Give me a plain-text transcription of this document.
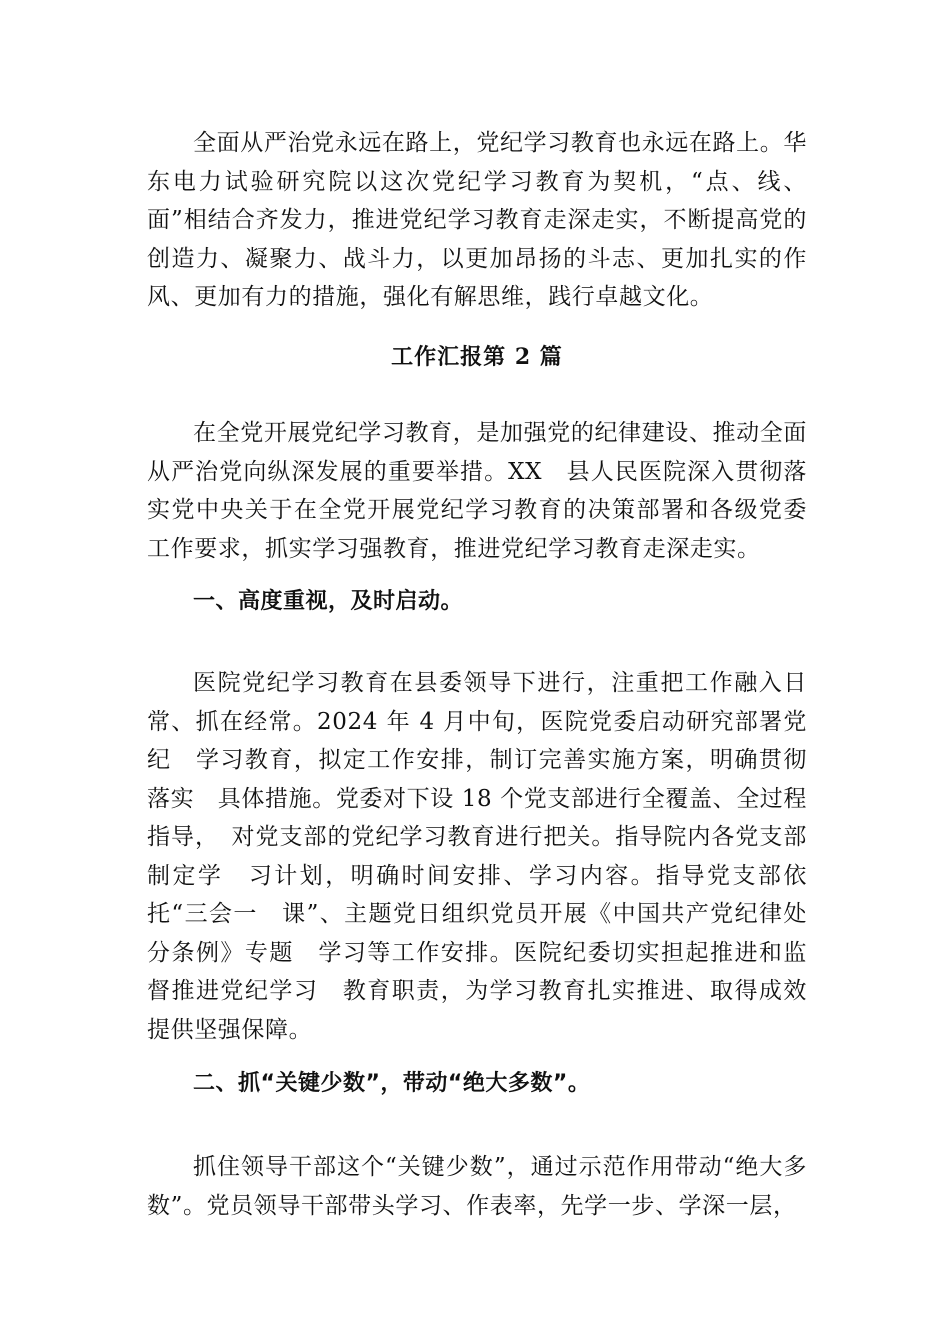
全面从严治党永远在路上，党纪学习教育也永远在路上。华东电力试验研究院以这次党纪学习教育为契机，“点、线、面”相结合齐发力，推进党纪学习教育走深走实，不断提高党的创造力、凝聚力、战斗力，以更加昂扬的斗志、更加扎实的作风、更加有力的措施，强化有解思维，践行卓越文化。

工作汇报第 2 篇

在全党开展党纪学习教育，是加强党的纪律建设、推动全面从严治党向纵深发展的重要举措。XX　县人民医院深入贯彻落实党中央关于在全党开展党纪学习教育的决策部署和各级党委工作要求，抓实学习强教育，推进党纪学习教育走深走实。

一、高度重视，及时启动。

医院党纪学习教育在县委领导下进行，注重把工作融入日常、抓在经常。2024 年 4 月中旬，医院党委启动研究部署党纪　学习教育，拟定工作安排，制订完善实施方案，明确贯彻落实　具体措施。党委对下设 18 个党支部进行全覆盖、全过程指导，　对党支部的党纪学习教育进行把关。指导院内各党支部制定学　习计划，明确时间安排、学习内容。指导党支部依托“三会一　课”、主题党日组织党员开展《中国共产党纪律处分条例》专题　学习等工作安排。医院纪委切实担起推进和监督推进党纪学习　教育职责，为学习教育扎实推进、取得成效提供坚强保障。

二、抓“关键少数”，带动“绝大多数”。

抓住领导干部这个“关键少数”，通过示范作用带动“绝大多　数”。党员领导干部带头学习、作表率，先学一步、学深一层，
